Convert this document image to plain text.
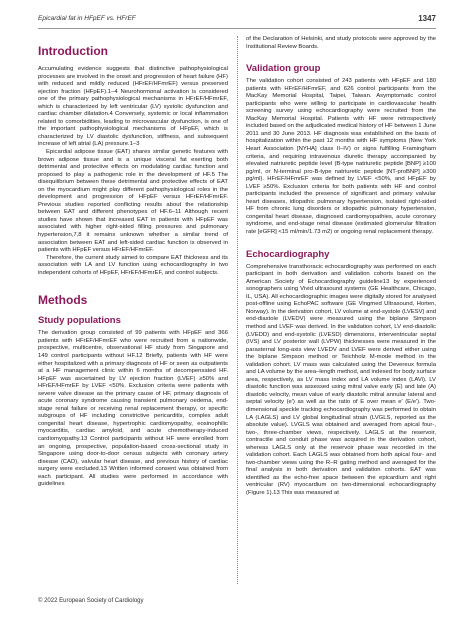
Epicardial fat in HFpEF vs. HFrEF	1347
Introduction

Accumulating evidence suggests that distinctive pathophysiological processes are involved in the onset and progression of heart failure (HF) with reduced and mildly reduced (HFrEF/HFmrEF) versus preserved ejection fraction (HFpEF).1–4 Neurohormonal activation is considered one of the primary pathophysiological mechanisms in HFrEF/HFmrEF, which is characterized by left ventricular (LV) systolic dysfunction and cardiac chamber dilatation.4 Conversely, systemic or local inflammation related to comorbidities, leading to microvascular dysfunction, is one of the important pathophysiological mechanisms of HFpEF, which is characterized by LV diastolic dysfunction, stiffness, and subsequent increase of left atrial (LA) pressure.1–3

Epicardial adipose tissue (EAT) shares similar genetic features with brown adipose tissue and is a unique visceral fat exerting both detrimental and protective effects on modulating cardiac function and proposed to play a pathogenic role in the development of HF.5 The disequilibrium between these detrimental and protective effects of EAT on the myocardium might play different pathophysiological roles in the development and progression of HFpEF versus HFrEF/HFmrEF. Previous studies reported conflicting results about the relationship between EAT and different phenotypes of HF.6–11 Although recent studies have shown that increased EAT in patients with HFpEF was associated with higher right-sided filling pressures and pulmonary hypertension,7,8 it remains unknown whether a similar trend of association between EAT and left-sided cardiac function is observed in patients with HFpEF versus HFrEF/HFmrEF.

Therefore, the current study aimed to compare EAT thickness and its association with LA and LV function using echocardiography in two independent cohorts of HFpEF, HFrEF/HFmrEF, and control subjects.

Methods
Study populations

The derivation group consisted of 99 patients with HFpEF and 366 patients with HFrEF/HFmrEF who were recruited from a nationwide, prospective, multicentre, observational HF study from Singapore and 149 control participants without HF.12 Briefly, patients with HF were either hospitalized with a primary diagnosis of HF or seen as outpatients at a HF management clinic within 6 months of decompensated HF. HFpEF was ascertained by LV ejection fraction (LVEF) ≥50% and HFrEF/HFmrEF by LVEF <50%. Exclusion criteria were patients with severe valve disease as the primary cause of HF, primary diagnosis of acute coronary syndrome causing transient pulmonary oedema, end-stage renal failure or receiving renal replacement therapy, or specific subgroups of HF including constrictive pericarditis, complex adult congenital heart disease, hypertrophic cardiomyopathy, eosinophilic myocarditis, cardiac amyloid, and acute chemotherapy-induced cardiomyopathy.13 Control participants without HF were enrolled from an ongoing, prospective, population-based cross-sectional study in Singapore using door-to-door census subjects with coronary artery disease (CAD), valvular heart disease, and previous history of cardiac surgery were excluded.13 Written informed consent was obtained from each participant. All studies were performed in accordance with guidelines

of the Declaration of Helsinki, and study protocols were approved by the Institutional Review Boards.

Validation group

The validation cohort consisted of 243 patients with HFpEF and 180 patients with HFrEF/HFmrEF, and 626 control participants from the MacKay Memorial Hospital, Taipei, Taiwan. Asymptomatic control participants who were willing to participate in cardiovascular health screening survey using echocardiography were recruited from the MacKay Memorial Hospital. Patients with HF were retrospectively included based on the adjudicated medical history of HF between 1 June 2011 and 30 June 2013. HF diagnosis was established on the basis of hospitalization within the past 12 months with HF symptoms (New York Heart Association [NYHA] class II–IV) or signs fulfilling Framingham criteria, and requiring intravenous diuretic therapy accompanied by elevated natriuretic peptide level (B-type natriuretic peptide [BNP] ≥100 pg/ml, or N-terminal pro-B-type natriuretic peptide [NT-proBNP] ≥300 pg/ml). HFrEF/HFmrEF was defined by LVEF <50%, and HFpEF by LVEF ≥50%. Exclusion criteria for both patients with HF and control participants included the presence of significant and primary valvular heart diseases, idiopathic pulmonary hypertension, isolated right-sided HF from chronic lung disorders or idiopathic pulmonary hypertension, congenital heart disease, diagnosed cardiomyopathies, acute coronary syndrome, and end-stage renal disease (estimated glomerular filtration rate [eGFR] <15 ml/min/1.73 m2) or ongoing renal replacement therapy.

Echocardiography

Comprehensive transthoracic echocardiography was performed on each participant in both derivation and validation cohorts based on the American Society of Echocardiography guideline13 by experienced sonographers using Vivid ultrasound systems (GE Healthcare, Chicago, IL, USA). All echocardiographic images were digitally stored for analysed post-offline using EchoPAC software (GE Vingmed Ultrasound, Horten, Norway). In the derivation cohort, LV volume at end-systole (LVESV) and end-diastole (LVEDV) were measured using the biplane Simpson method and LVEF was derived. In the validation cohort, LV end-diastolic (LVEDD) and end-systolic (LVESD) dimensions, interventricular septal (IVS) and LV posterior wall (LVPW) thicknesses were measured in the parasternal long-axis view LVEDV and LVEF were derived either using the biplane Simpson method or Teichholz M-mode method in the validation cohort. LV mass was calculated using the Devereux formula and LA volume by the area–length method, and indexed for body surface area, respectively, as LV mass index and LA volume index (LAVi). LV diastolic function was assessed using mitral valve early (E) and late (A) diastolic velocity, mean value of early diastolic mitral annular lateral and septal velocity (e′) as well as the ratio of E over mean e′ (E/e′). Two-dimensional speckle tracking echocardiography was performed to obtain LA (LAGLS) and LV global longitudinal strain (LVGLS, reported as the absolute value). LVGLS was obtained and averaged from apical four-, two-, three-chamber views, respectively. LAGLS at the reservoir, contractile and conduit phase was acquired in the derivation cohort, whereas LAGLS only at the reservoir phase was recorded in the validation cohort. Each LAGLS was obtained from both apical four- and two-chamber views using the R–R gating method and averaged for the final analysis in both derivation and validation cohorts. EAT was identified as the echo-free space between the epicardium and right ventricular (RV) myocardium on two-dimensional echocardiography (Figure 1).13 This was measured at

© 2022 European Society of Cardiology
